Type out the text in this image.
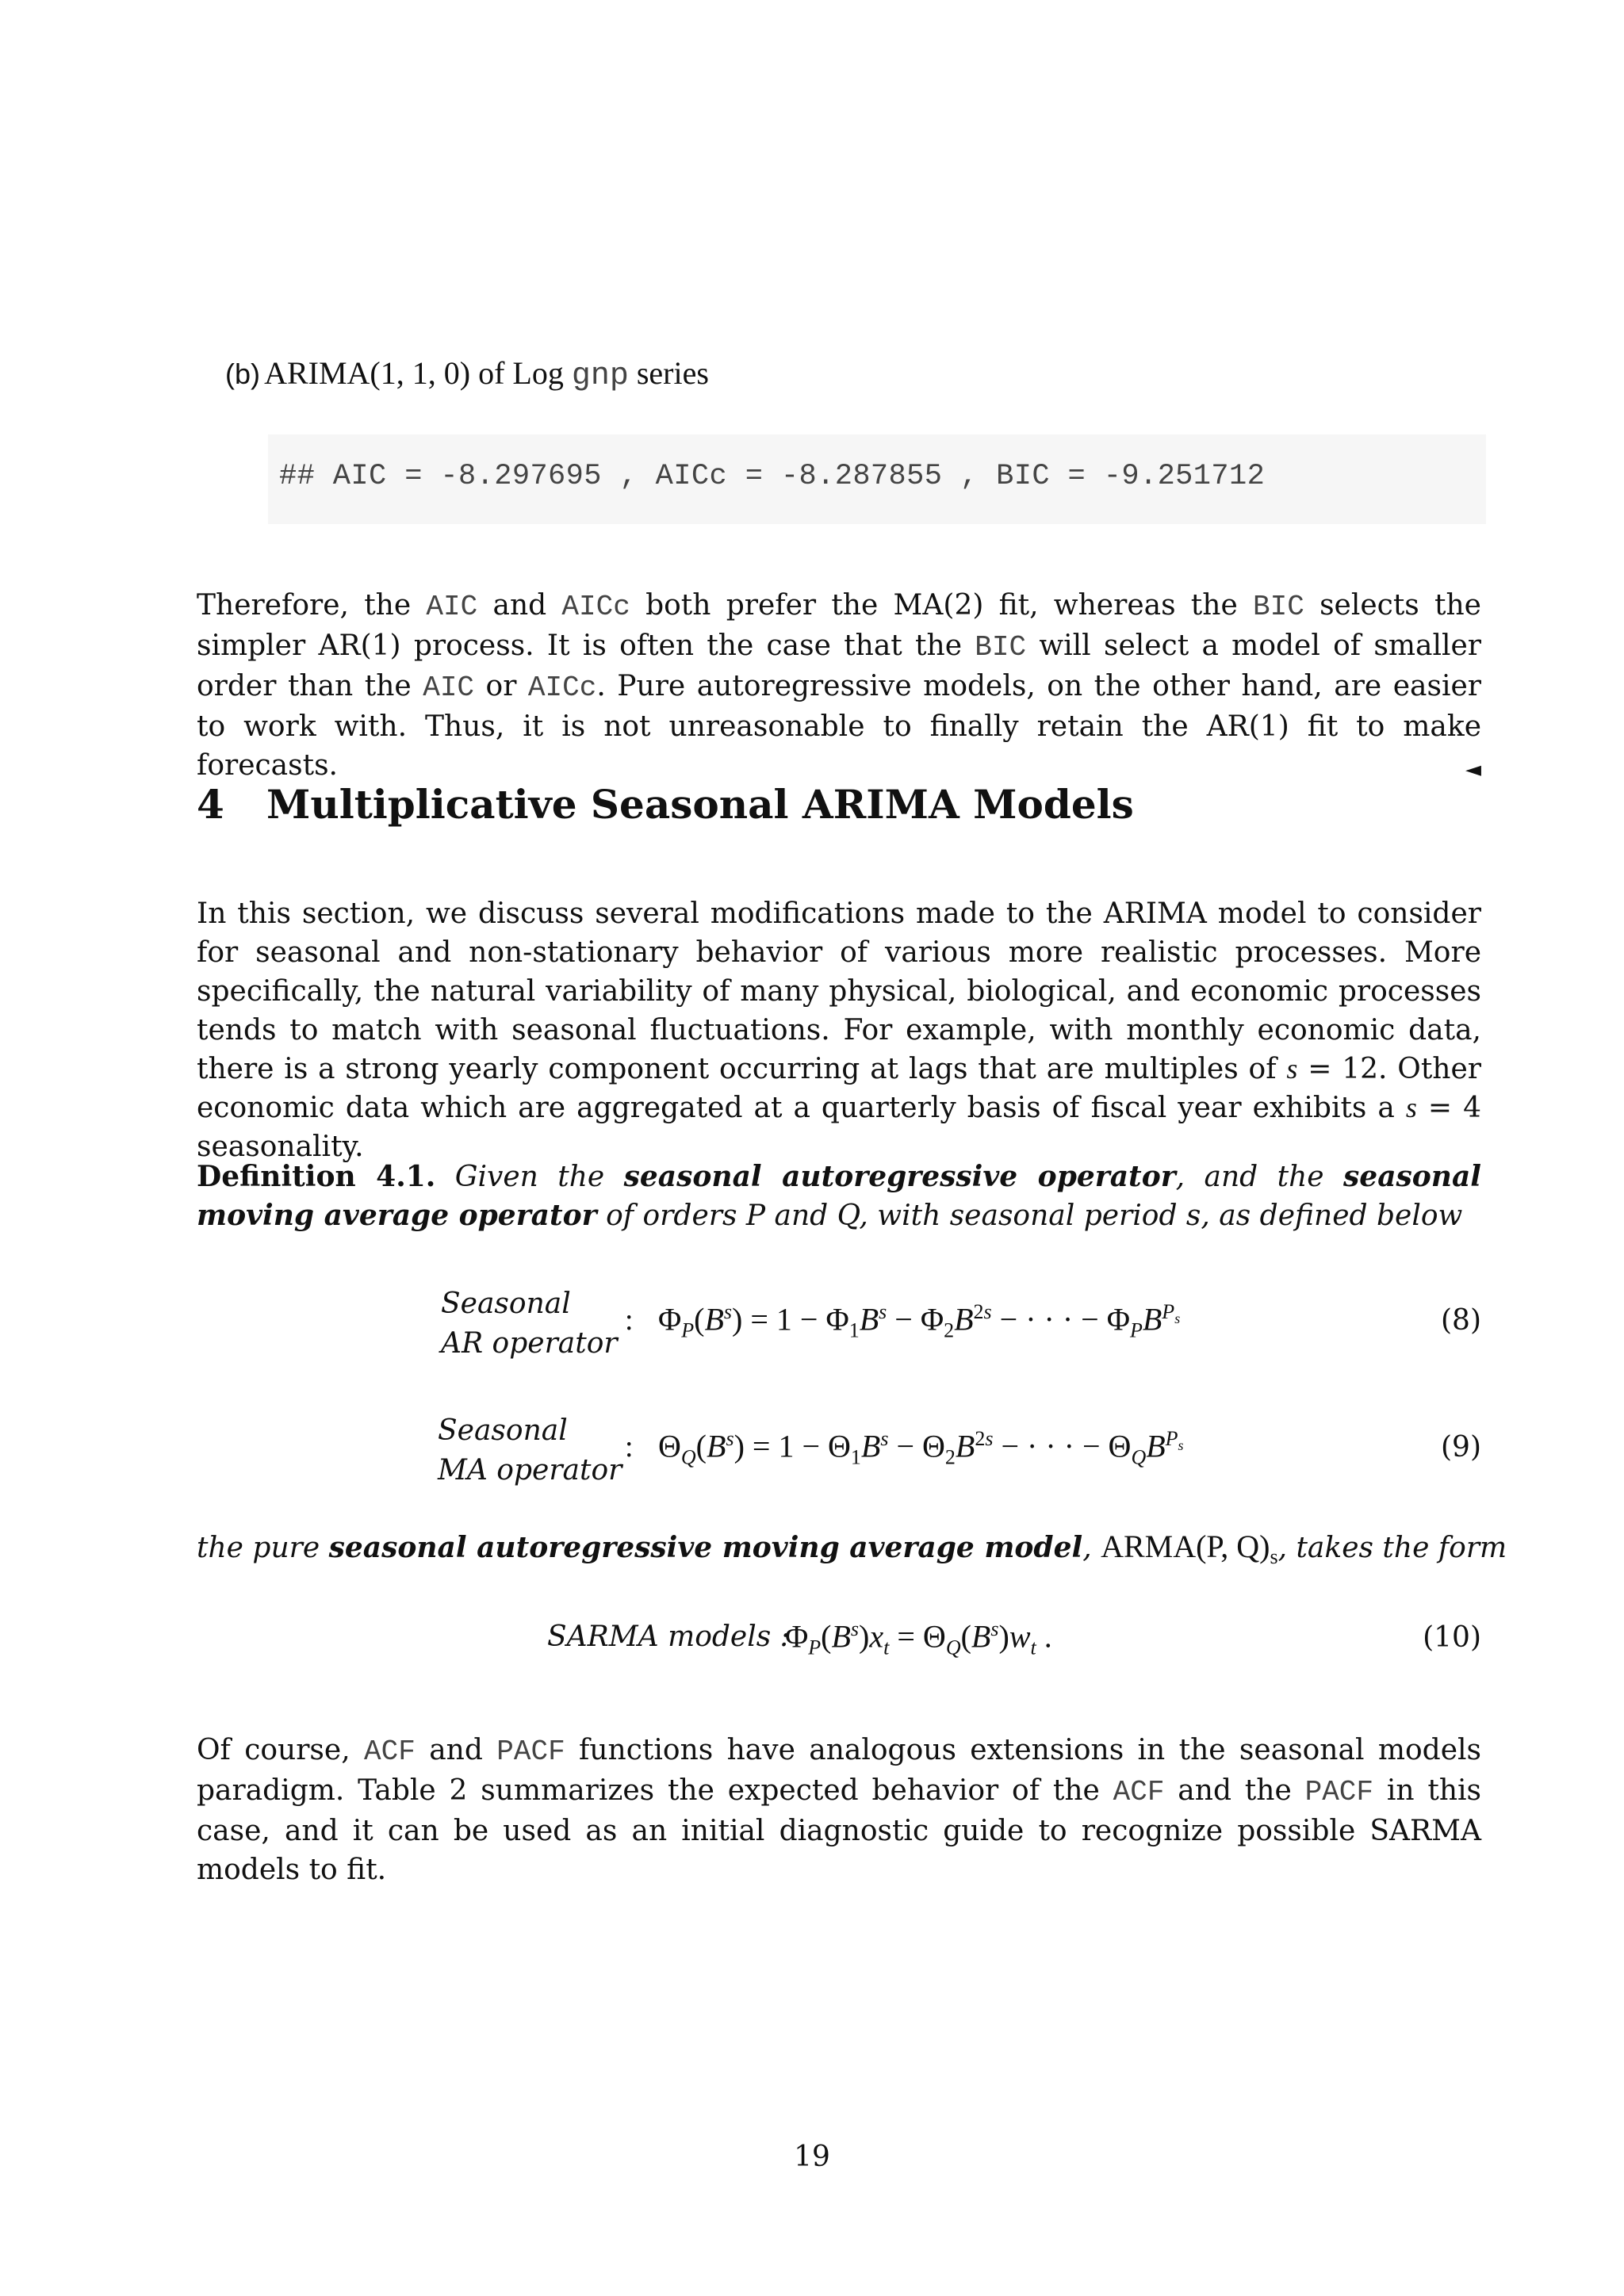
(b) ARIMA(1, 1, 0) of Log gnp series
## AIC = -8.297695 , AICc = -8.287855 , BIC = -9.251712
Therefore, the AIC and AICc both prefer the MA(2) fit, whereas the BIC selects the simpler AR(1) process. It is often the case that the BIC will select a model of smaller order than the AIC or AICc. Pure autoregressive models, on the other hand, are easier to work with. Thus, it is not unreasonable to finally retain the AR(1) fit to make forecasts.	◄
4 Multiplicative Seasonal ARIMA Models
In this section, we discuss several modifications made to the ARIMA model to consider for seasonal and non-stationary behavior of various more realistic processes. More specifically, the natural variability of many physical, biological, and economic processes tends to match with seasonal fluctuations. For example, with monthly economic data, there is a strong yearly component occurring at lags that are multiples of s = 12. Other economic data which are aggregated at a quarterly basis of fiscal year exhibits a s = 4 seasonality.
Definition 4.1. Given the seasonal autoregressive operator, and the seasonal moving average operator of orders P and Q, with seasonal period s, as defined below
Seasonal
AR operator
: $\Phi_P(B^s) = 1 - \Phi_1B^s - \Phi_2B^{2s}$ − · · · − $\Phi_PB^{P_s}$	(8)
Seasonal
MA operator
: $\Theta_Q(B^s) = 1 - \Theta_1B^s - \Theta_2B^{2s}$ − · · · − $\Theta_QB^{P_s}$	(9)
the pure seasonal autoregressive moving average model, ARMA(P, $Q)_s$, takes the form
SARMA models :
$\Phi_P(B^s)x_t = \Theta_Q(B^s)w_t$ .	(10)
Of course, ACF and PACF functions have analogous extensions in the seasonal models paradigm. Table 2 summarizes the expected behavior of the ACF and the PACF in this case, and it can be used as an initial diagnostic guide to recognize possible SARMA models to fit.
19
